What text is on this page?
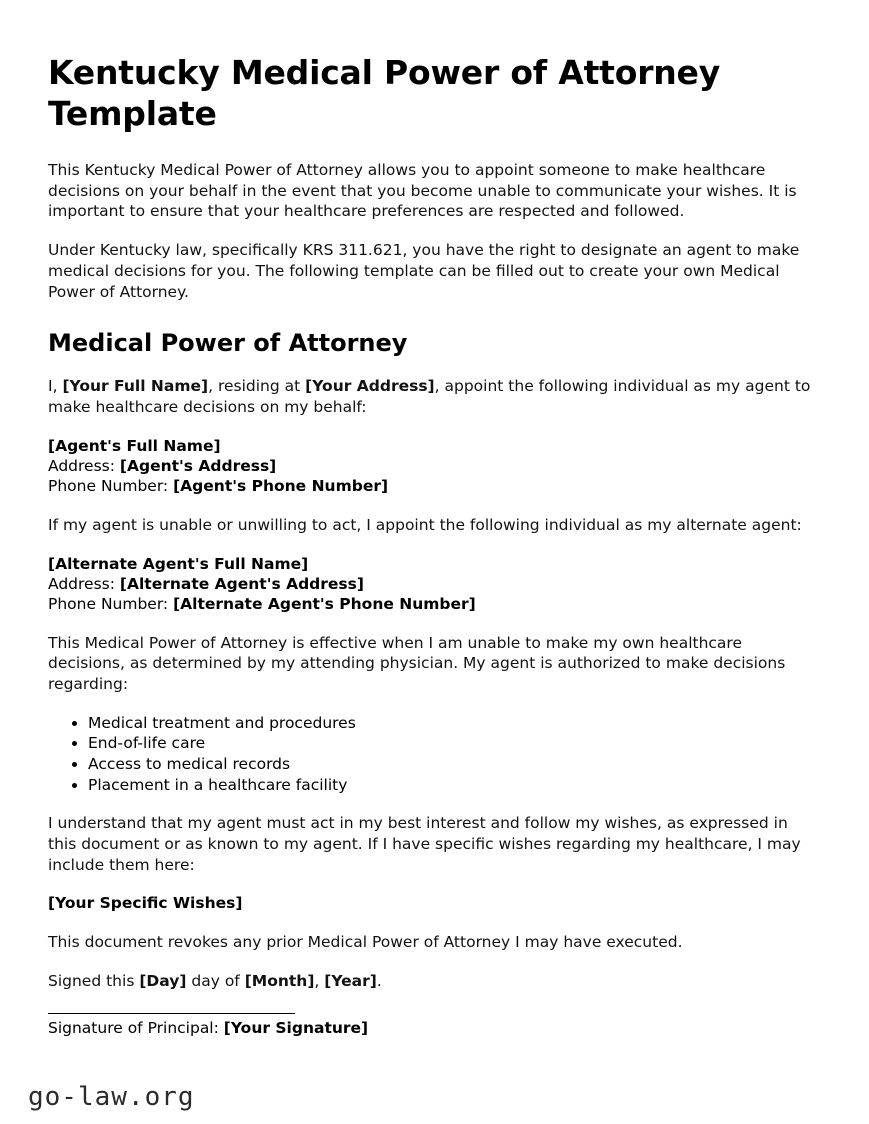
Kentucky Medical Power of Attorney Template

This Kentucky Medical Power of Attorney allows you to appoint someone to make healthcare decisions on your behalf in the event that you become unable to communicate your wishes. It is important to ensure that your healthcare preferences are respected and followed.

Under Kentucky law, specifically KRS 311.621, you have the right to designate an agent to make medical decisions for you. The following template can be filled out to create your own Medical Power of Attorney.

Medical Power of Attorney

I, [Your Full Name], residing at [Your Address], appoint the following individual as my agent to make healthcare decisions on my behalf:

[Agent's Full Name]
Address: [Agent's Address]
Phone Number: [Agent's Phone Number]

If my agent is unable or unwilling to act, I appoint the following individual as my alternate agent:

[Alternate Agent's Full Name]
Address: [Alternate Agent's Address]
Phone Number: [Alternate Agent's Phone Number]

This Medical Power of Attorney is effective when I am unable to make my own healthcare decisions, as determined by my attending physician. My agent is authorized to make decisions regarding:

• Medical treatment and procedures
• End-of-life care
• Access to medical records
• Placement in a healthcare facility

I understand that my agent must act in my best interest and follow my wishes, as expressed in this document or as known to my agent. If I have specific wishes regarding my healthcare, I may include them here:

[Your Specific Wishes]

This document revokes any prior Medical Power of Attorney I may have executed.

Signed this [Day] day of [Month], [Year].

Signature of Principal: [Your Signature]
go-law.org
